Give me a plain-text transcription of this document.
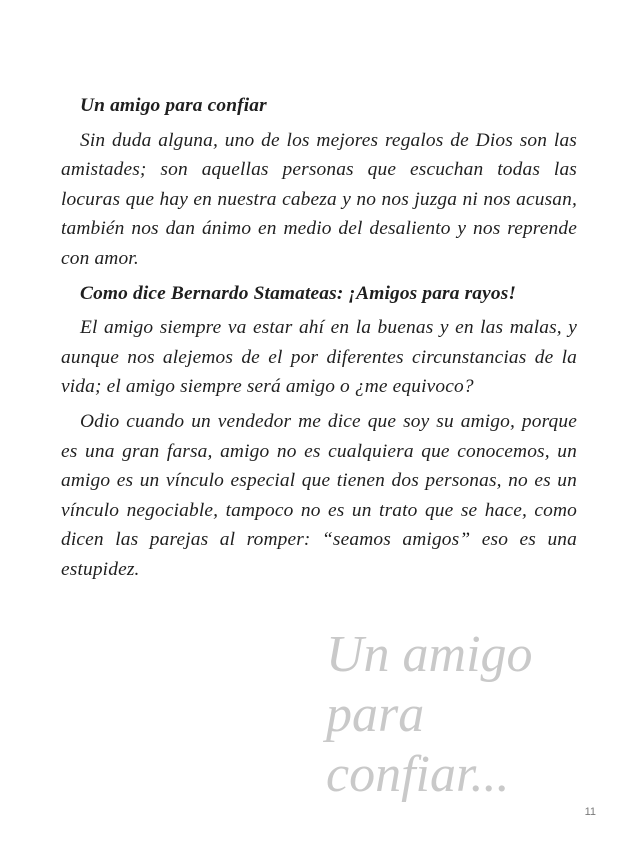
Un amigo para confiar

Sin duda alguna, uno de los mejores regalos de Dios son las amistades; son aquellas personas que escuchan todas las locuras que hay en nuestra cabeza y no nos juzga ni nos acusan, también nos dan ánimo en medio del desaliento y nos reprende con amor.

Como dice Bernardo Stamateas: ¡Amigos para rayos!

El amigo siempre va estar ahí en la buenas y en las malas, y aunque nos alejemos de el por diferentes circunstancias de la vida; el amigo siempre será amigo o ¿me equivoco?

Odio cuando un vendedor me dice que soy su amigo, porque es una gran farsa, amigo no es cualquiera que conocemos, un amigo es un vínculo especial que tienen dos personas, no es un vínculo negociable, tampoco no es un trato que se hace, como dicen las parejas al romper: “seamos amigos” eso es una estupidez.

Un amigo
para
confiar...
11
